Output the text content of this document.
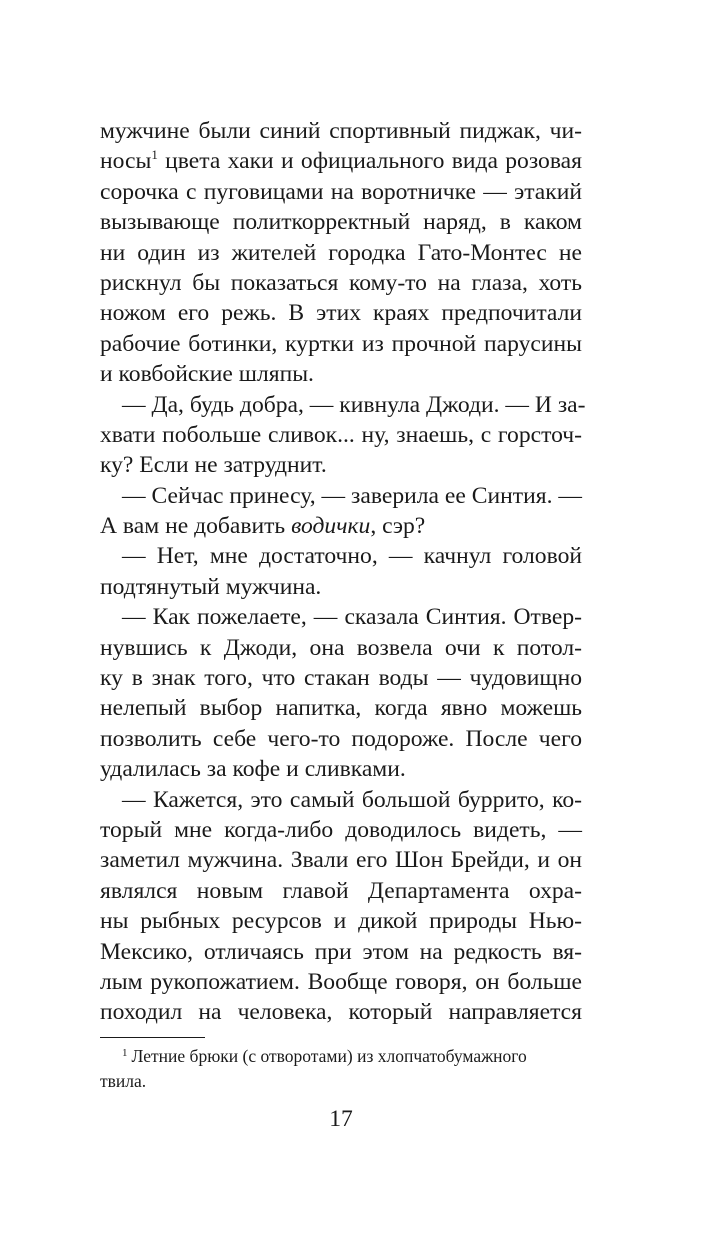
мужчине были синий спортивный пиджак, чи-
носы$^1$ цвета хаки и официального вида розовая
сорочка с пуговицами на воротничке — этакий
вызывающе политкорректный наряд, в каком
ни один из жителей городка Гато-Монтес не
рискнул бы показаться кому-то на глаза, хоть
ножом его режь. В этих краях предпочитали
рабочие ботинки, куртки из прочной парусины
и ковбойские шляпы.
— Да, будь добра, — кивнула Джоди. — И за-
хвати побольше сливок... ну, знаешь, с горсточ-
ку? Если не затруднит.
— Сейчас принесу, — заверила ее Синтия. —
А вам не добавить водички, сэр?
— Нет, мне достаточно, — качнул головой
подтянутый мужчина.
— Как пожелаете, — сказала Синтия. Отвер-
нувшись к Джоди, она возвела очи к потол-
ку в знак того, что стакан воды — чудовищно
нелепый выбор напитка, когда явно можешь
позволить себе чего-то подороже. После чего
удалилась за кофе и сливками.
— Кажется, это самый большой буррито, ко-
торый мне когда-либо доводилось видеть, —
заметил мужчина. Звали его Шон Брейди, и он
являлся новым главой Департамента охра-
ны рыбных ресурсов и дикой природы Нью-
Мексико, отличаясь при этом на редкость вя-
лым рукопожатием. Вообще говоря, он больше
походил на человека, который направляется
$^1$ Летние брюки (с отворотами) из хлопчатобумажного
твила.
17
